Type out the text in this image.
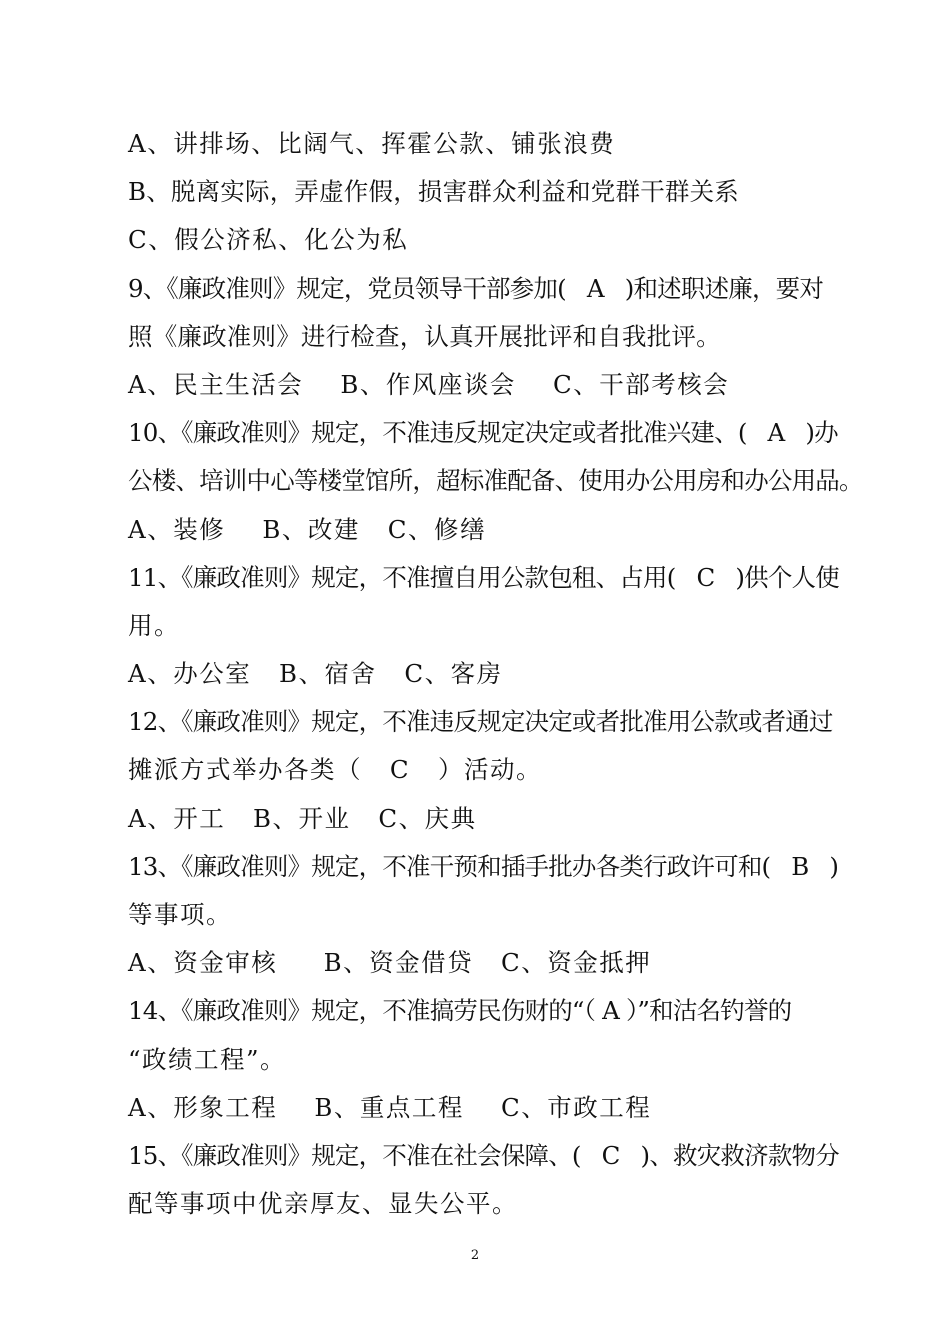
A、讲排场、比阔气、挥霍公款、铺张浪费
B、脱离实际，弄虚作假，损害群众利益和党群干群关系
C、假公济私、化公为私
9、《廉政准则》规定，党员领导干部参加(   A   )和述职述廉，要对
照《廉政准则》进行检查，认真开展批评和自我批评。
A、民主生活会    B、作风座谈会    C、干部考核会
10、《廉政准则》规定，不准违反规定决定或者批准兴建、(   A   )办
公楼、培训中心等楼堂馆所，超标准配备、使用办公用房和办公用品。
A、装修    B、改建   C、修缮
11、《廉政准则》规定，不准擅自用公款包租、占用(   C   )供个人使
用。
A、办公室   B、宿舍   C、客房
12、《廉政准则》规定，不准违反规定决定或者批准用公款或者通过
摊派方式举办各类（   C   ）活动。
A、开工   B、开业   C、庆典
13、《廉政准则》规定，不准干预和插手批办各类行政许可和(   B   )
等事项。
A、资金审核     B、资金借贷   C、资金抵押
14、《廉政准则》规定，不准搞劳民伤财的“（ A ）”和沽名钓誉的
“政绩工程”。
A、形象工程    B、重点工程    C、市政工程
15、《廉政准则》规定，不准在社会保障、(   C   )、救灾救济款物分
配等事项中优亲厚友、显失公平。
2
